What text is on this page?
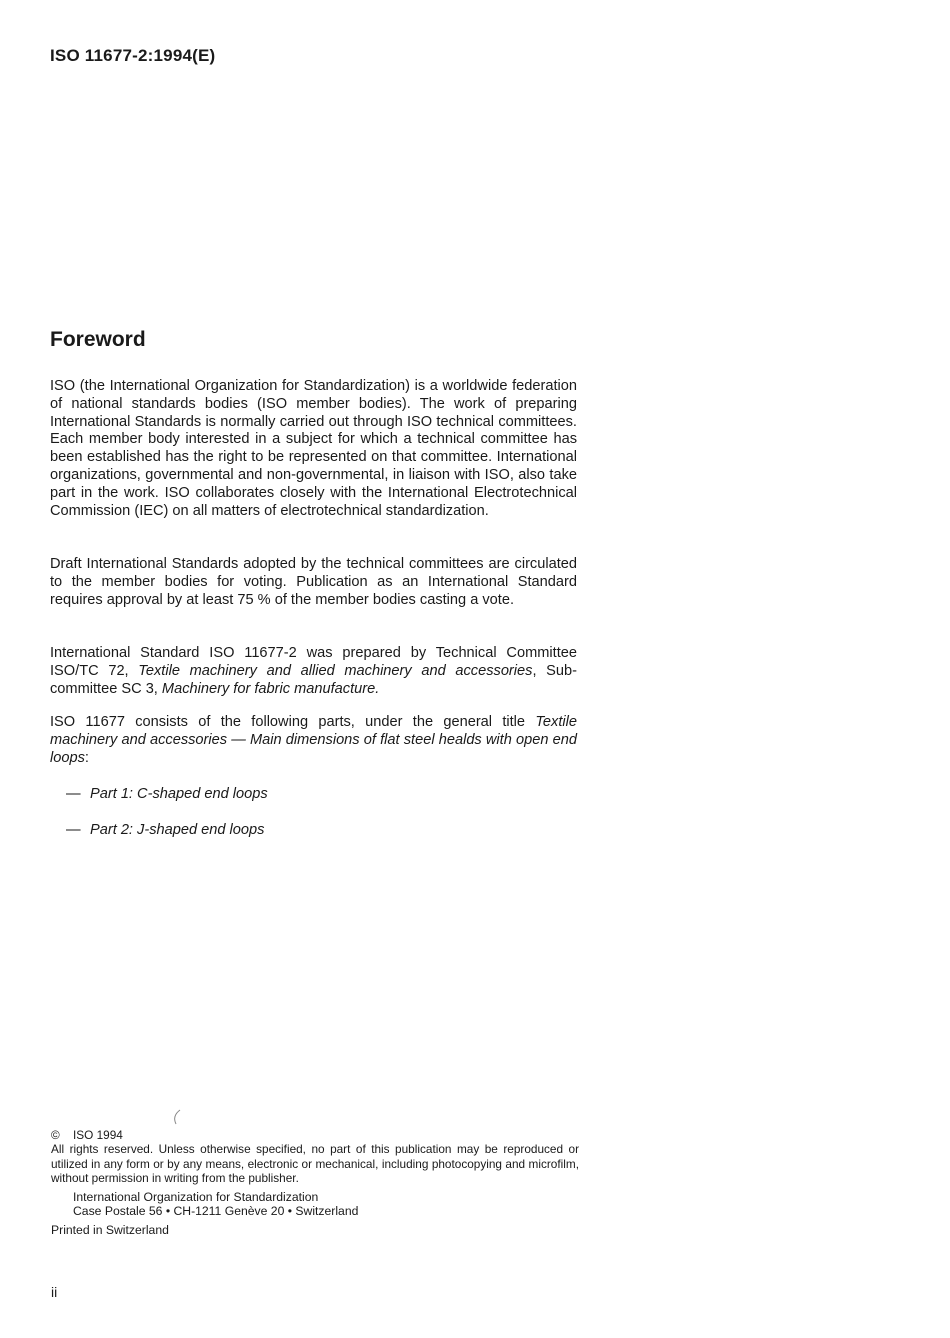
ISO 11677-2:1994(E)
Foreword
ISO (the International Organization for Standardization) is a worldwide federation of national standards bodies (ISO member bodies). The work of preparing International Standards is normally carried out through ISO technical committees. Each member body interested in a subject for which a technical committee has been established has the right to be represented on that committee. International organizations, governmental and non-governmental, in liaison with ISO, also take part in the work. ISO collaborates closely with the International Electrotechnical Commission (IEC) on all matters of electrotechnical standardization.
Draft International Standards adopted by the technical committees are circulated to the member bodies for voting. Publication as an International Standard requires approval by at least 75 % of the member bodies casting a vote.
International Standard ISO 11677-2 was prepared by Technical Committee ISO/TC 72, Textile machinery and allied machinery and accessories, Sub-committee SC 3, Machinery for fabric manufacture.
ISO 11677 consists of the following parts, under the general title Textile machinery and accessories — Main dimensions of flat steel healds with open end loops:
— Part 1: C-shaped end loops
— Part 2: J-shaped end loops
© ISO 1994
All rights reserved. Unless otherwise specified, no part of this publication may be reproduced or utilized in any form or by any means, electronic or mechanical, including photocopying and microfilm, without permission in writing from the publisher.
International Organization for Standardization
Case Postale 56 • CH-1211 Genève 20 • Switzerland
Printed in Switzerland
ii
